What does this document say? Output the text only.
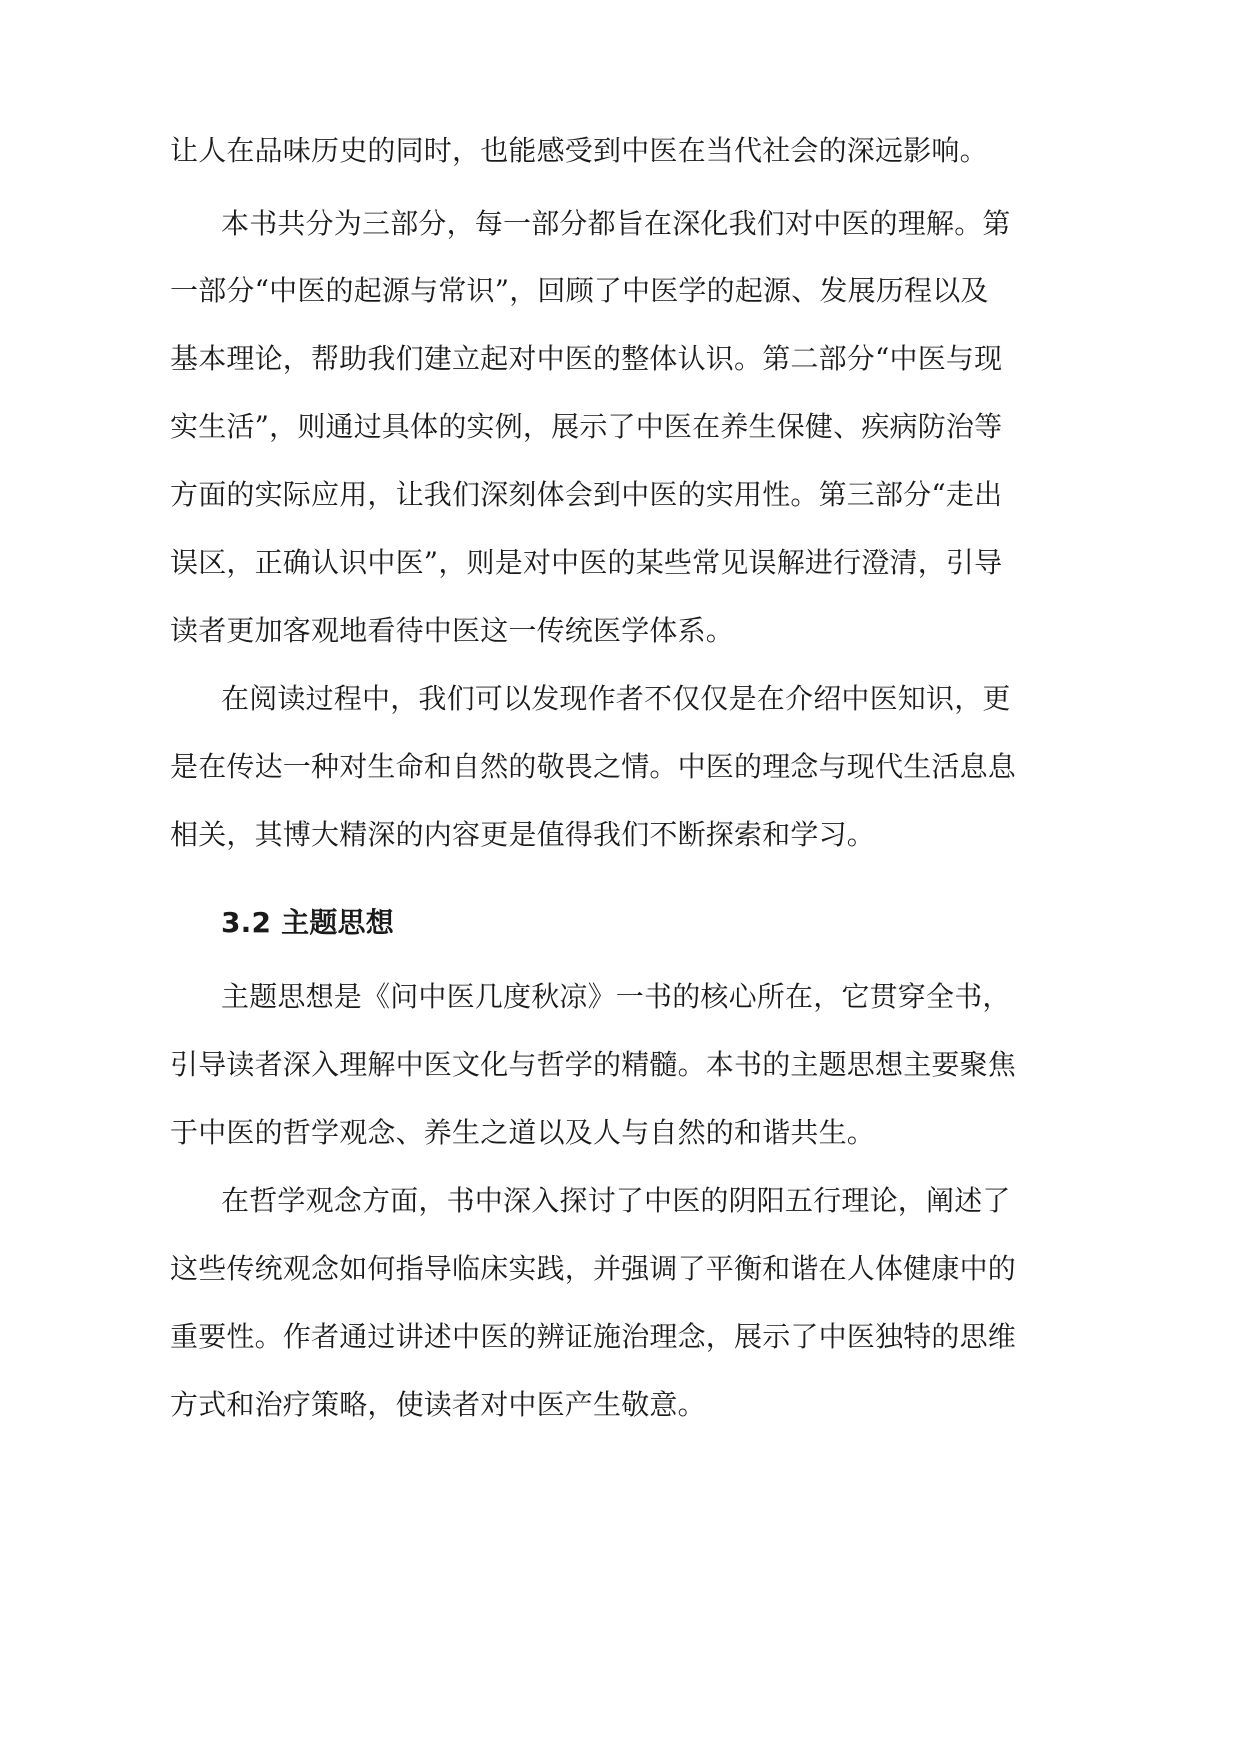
让人在品味历史的同时，也能感受到中医在当代社会的深远影响。
本书共分为三部分，每一部分都旨在深化我们对中医的理解。第
一部分“中医的起源与常识”，回顾了中医学的起源、发展历程以及
基本理论，帮助我们建立起对中医的整体认识。第二部分“中医与现
实生活”，则通过具体的实例，展示了中医在养生保健、疾病防治等
方面的实际应用，让我们深刻体会到中医的实用性。第三部分“走出
误区，正确认识中医”，则是对中医的某些常见误解进行澄清，引导
读者更加客观地看待中医这一传统医学体系。
在阅读过程中，我们可以发现作者不仅仅是在介绍中医知识，更
是在传达一种对生命和自然的敬畏之情。中医的理念与现代生活息息
相关，其博大精深的内容更是值得我们不断探索和学习。
3.2 主题思想
主题思想是《问中医几度秋凉》一书的核心所在，它贯穿全书，
引导读者深入理解中医文化与哲学的精髓。本书的主题思想主要聚焦
于中医的哲学观念、养生之道以及人与自然的和谐共生。
在哲学观念方面，书中深入探讨了中医的阴阳五行理论，阐述了
这些传统观念如何指导临床实践，并强调了平衡和谐在人体健康中的
重要性。作者通过讲述中医的辨证施治理念，展示了中医独特的思维
方式和治疗策略，使读者对中医产生敬意。
